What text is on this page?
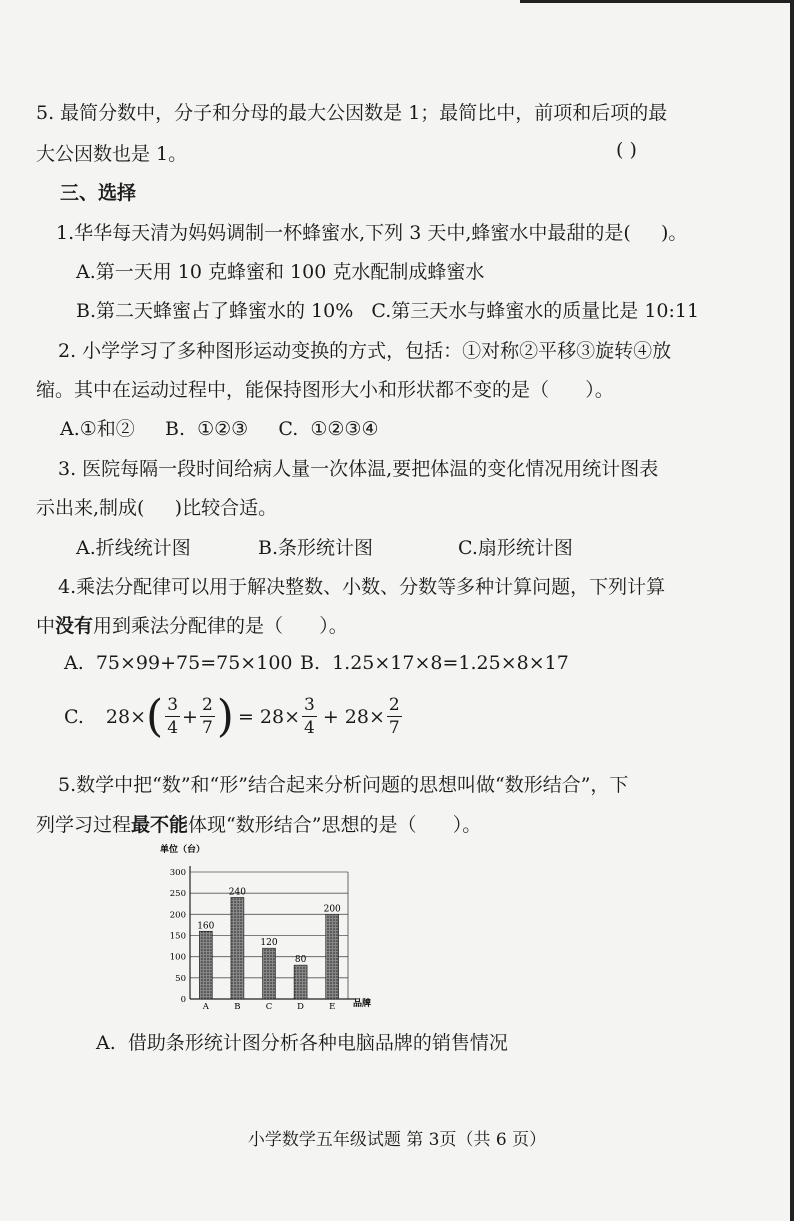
5. 最简分数中，分子和分母的最大公因数是 1；最简比中，前项和后项的最
大公因数也是 1。	( )
三、选择
1.华华每天清为妈妈调制一杯蜂蜜水,下列 3 天中,蜂蜜水中最甜的是(     )。
A.第一天用 10 克蜂蜜和 100 克水配制成蜂蜜水
B.第二天蜂蜜占了蜂蜜水的 10%   C.第三天水与蜂蜜水的质量比是 10:11
2. 小学学习了多种图形运动变换的方式，包括：①对称②平移③旋转④放
缩。其中在运动过程中，能保持图形大小和形状都不变的是（      ）。
A.①和②     B.  ①②③     C.  ①②③④
3. 医院每隔一段时间给病人量一次体温,要把体温的变化情况用统计图表
示出来,制成(     )比较合适。
A.折线统计图	B.条形统计图	C.扇形统计图
4.乘法分配律可以用于解决整数、小数、分数等多种计算问题，下列计算
中没有用到乘法分配律的是（      ）。
A.  75×99+75=75×100 B.  1.25×17×8=1.25×8×17
C. 28× ( $\frac{3}{4} + \frac{2}{7}$ ) = $28\times \frac{3}{4} + 28\times \frac{2}{7}$
5.数学中把“数”和“形”结合起来分析问题的思想叫做“数形结合”，下
列学习过程最不能体现“数形结合”思想的是（      ）。
单位（台）
0
50
100
150
200
250
300
160
240
120
80
200
A	B	C	D	E 品牌
A.  借助条形统计图分析各种电脑品牌的销售情况
小学数学五年级试题 第 3页（共 6 页）
